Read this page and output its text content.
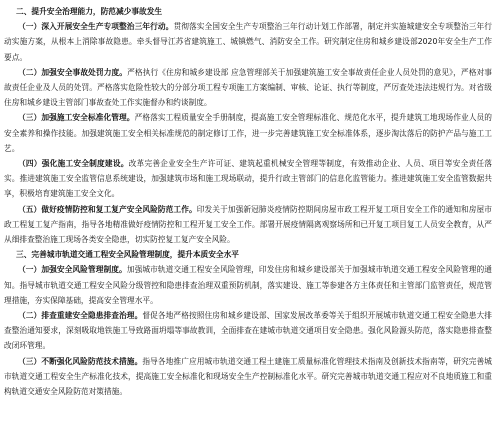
二、提升安全治理能力，防范减少事故发生

（一）深入开展安全生产专项整治三年行动。贯彻落实全国安全生产专项整治三年行动计划工作部署，制定并实施城建安全专项整治三年行动实施方案，从根本上消除事故隐患。牵头督导江苏省建筑施工、城镇燃气、消防安全工作。研究制定住房和城乡建设部2020年安全生产工作要点。

（二）加强安全事故处罚力度。严格执行《住房和城乡建设部 应急管理部关于加强建筑施工安全事故责任企业人员处罚的意见》，严格对事故责任企业及人员的处罚。严格落实危险性较大的分部分项工程专项施工方案编制、审核、论证、执行等制度，严厉查处违法违规行为。对省级住房和城乡建设主管部门事故查处工作实施督办和约谈制度。

（三）加强施工安全标准化管理。严格落实工程质量安全手册制度，提高施工安全管理标准化、规范化水平，提升建筑工地现场作业人员的安全素养和操作技能。加强建筑施工安全相关标准规范的制定修订工作，进一步完善建筑施工安全标准体系，逐步淘汰落后的防护产品与施工工艺。

（四）强化施工安全制度建设。改革完善企业安全生产许可证、建筑起重机械安全管理等制度，有效推动企业、人员、项目等安全责任落实。推进建筑施工安全监管信息系统建设，加强建筑市场和施工现场联动，提升行政主管部门的信息化监管能力。推进建筑施工安全监管数据共享，积极培育建筑施工安全文化。

（五）做好疫情防控和复工复产安全风险防范工作。印发关于加强新冠肺炎疫情防控期间房屋市政工程开复工项目安全工作的通知和房屋市政工程复工复产指南，指导各地精准做好疫情防控和工程开复工安全工作。部署开展疫情隔离观察场所和已开复工项目复工人员安全教育，从严从细排查整治施工现场各类安全隐患，切实防控复工复产安全风险。

三、完善城市轨道交通工程安全风险管理制度，提升本质安全水平

（一）加强安全风险管理制度。加强城市轨道交通工程安全风险管理，印发住房和城乡建设部关于加强城市轨道交通工程安全风险管理的通知。指导城市轨道交通工程安全风险分级管控和隐患排查治理双重预防机制，落实建设、施工等参建各方主体责任和主管部门监管责任，规范管理措施，夯实保障基础，提高安全管理水平。

（二）排查重建安全隐患排查治理。督促各地严格按照住房和城乡建设部、国家发展改革委等关于组织开展城市轨道交通工程安全隐患大排查整治通知要求，深刻吸取地铁施工导致路面坍塌等事故教训，全面排查在建城市轨道交通项目安全隐患。强化风险源头防范，落实隐患排查整改闭环管理。

（三）不断强化风险防范技术措施。指导各地推广应用城市轨道交通工程土建施工质量标准化管理技术指南及创新技术指南等，研究完善城市轨道交通工程安全生产标准化技术，提高施工安全标准化和现场安全生产控制标准化水平。研究完善城市轨道交通工程应对不良地质施工和重构轨道交通安全风险防范对策措施。
